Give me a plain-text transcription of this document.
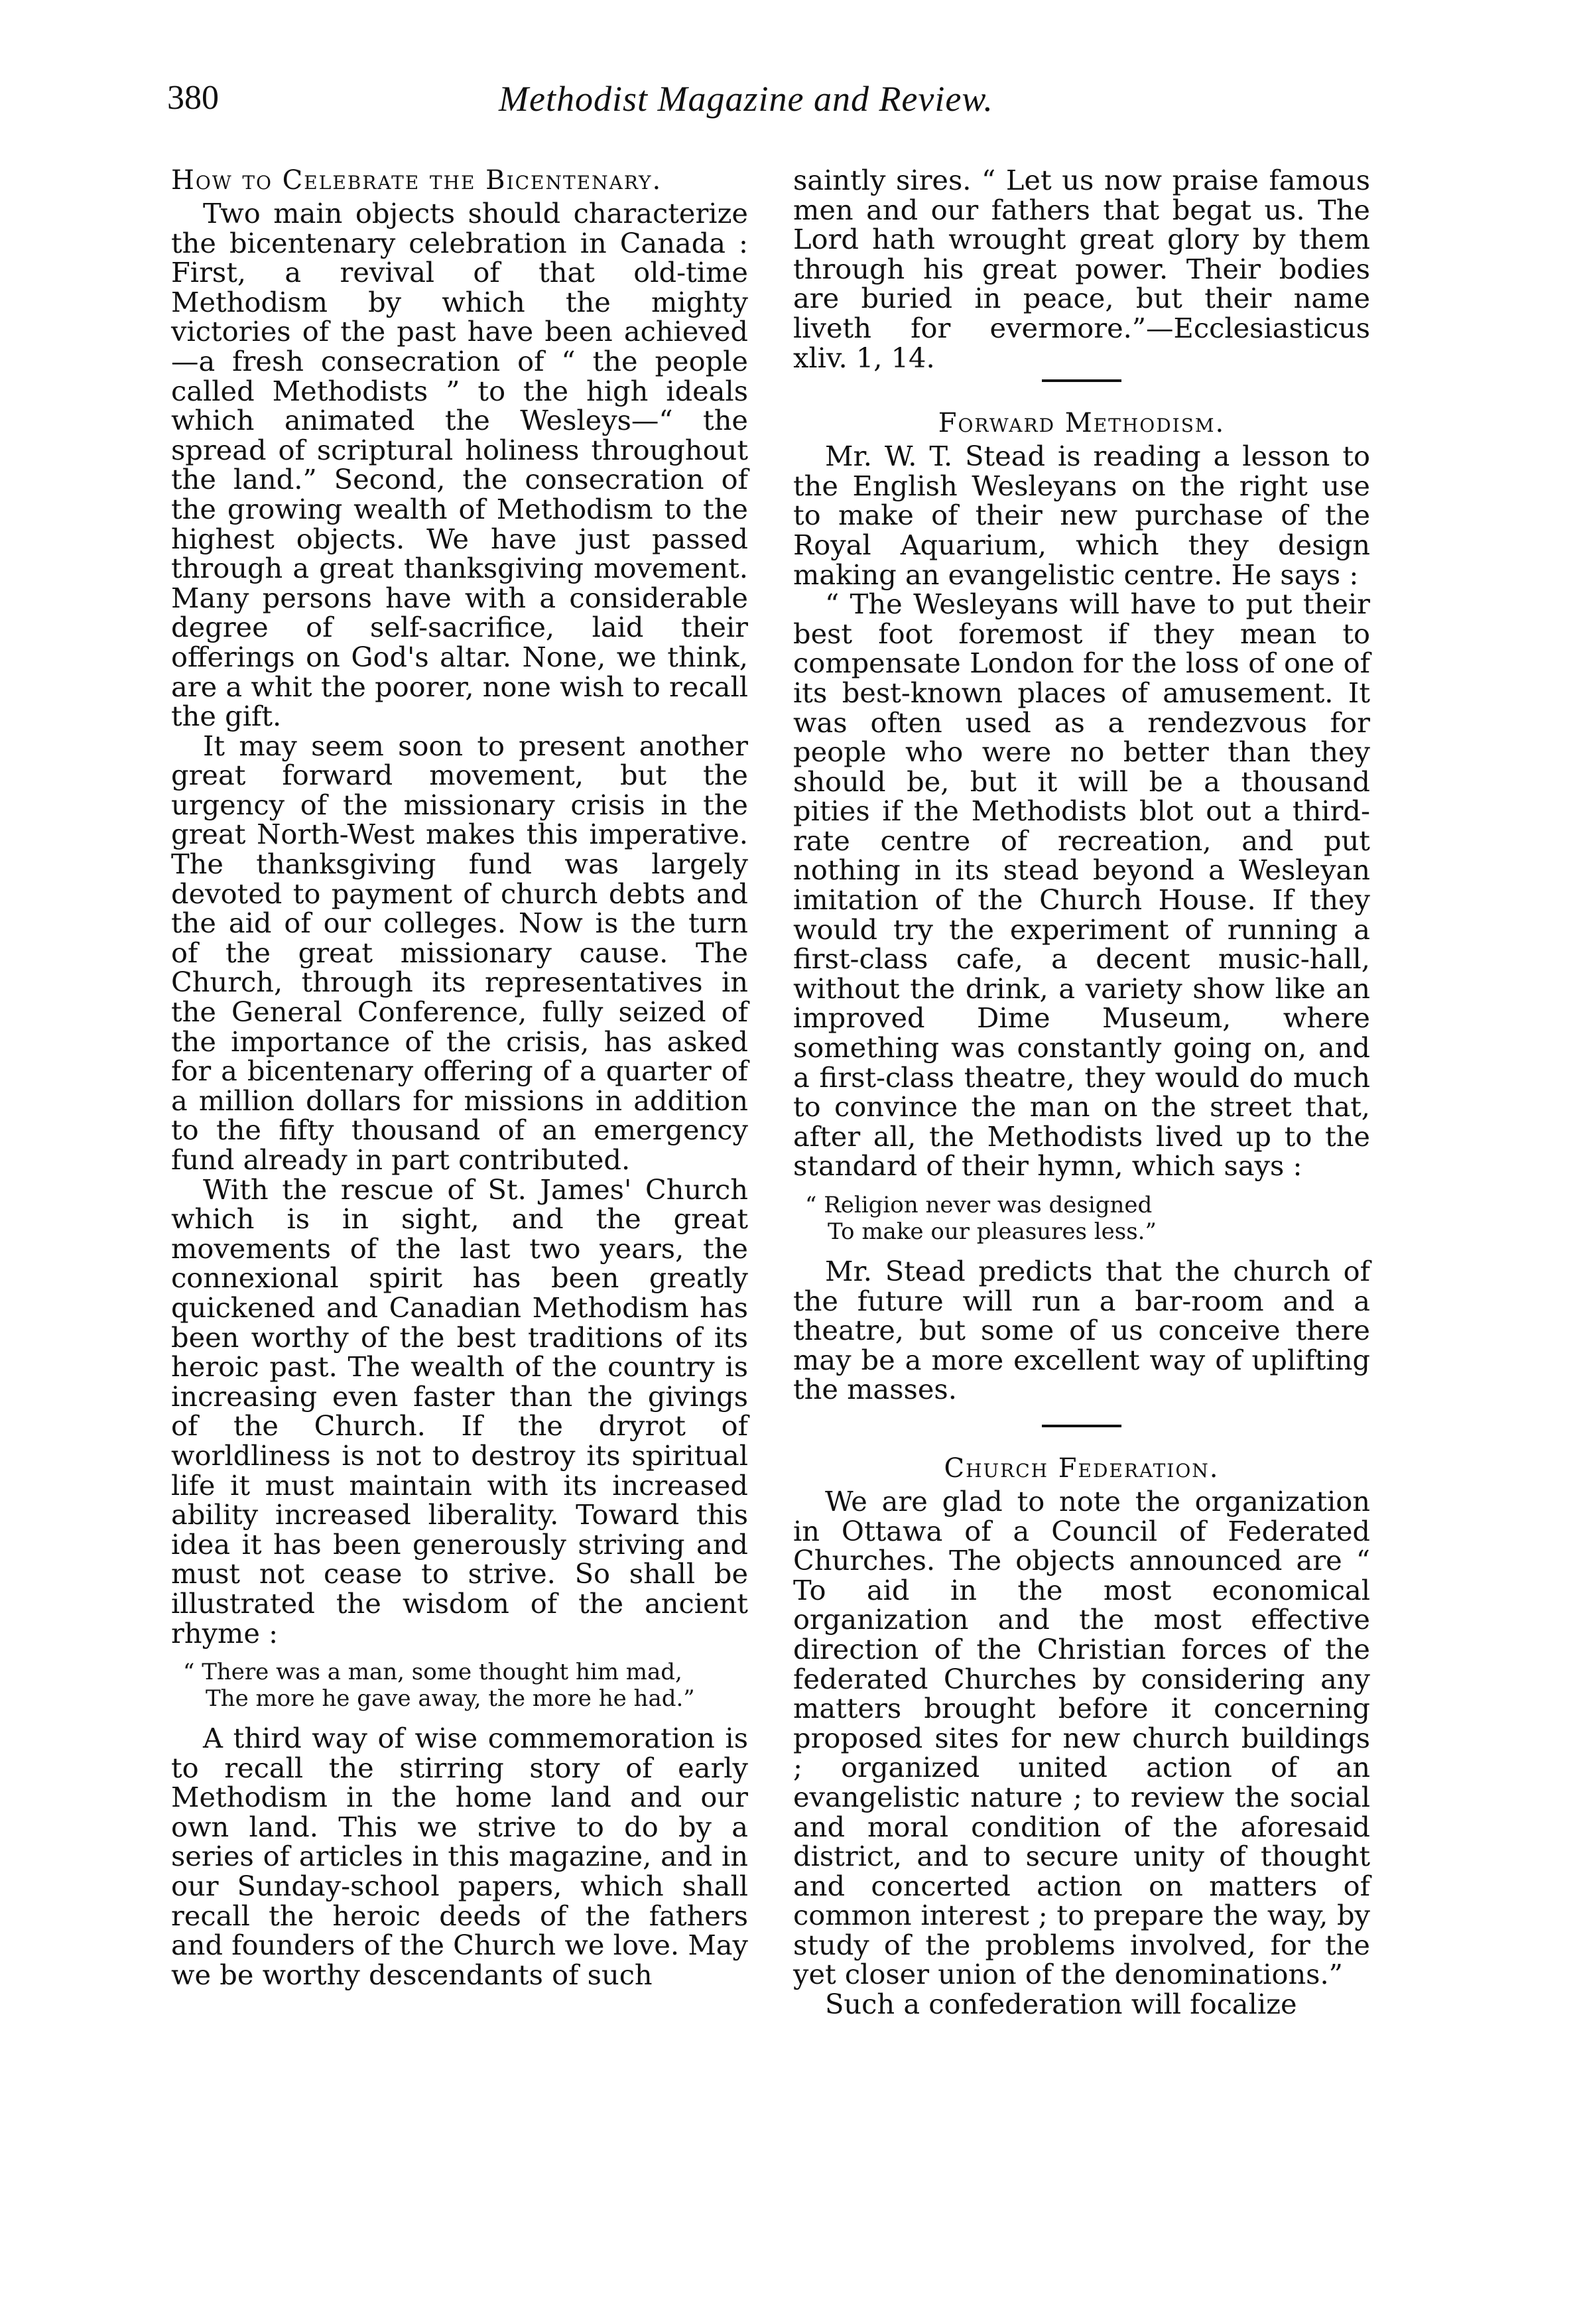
380	Methodist Magazine and Review.
How to Celebrate the Bicentenary.

Two main objects should characterize the bicentenary celebration in Canada : First, a revival of that old-time Methodism by which the mighty victories of the past have been achieved —a fresh consecration of “ the people called Methodists ” to the high ideals which animated the Wesleys—“ the spread of scriptural holiness throughout the land.” Second, the consecration of the growing wealth of Methodism to the highest objects. We have just passed through a great thanksgiving movement. Many persons have with a considerable degree of self-sacrifice, laid their offerings on God's altar. None, we think, are a whit the poorer, none wish to recall the gift.

It may seem soon to present another great forward movement, but the urgency of the missionary crisis in the great North-West makes this imperative. The thanksgiving fund was largely devoted to payment of church debts and the aid of our colleges. Now is the turn of the great missionary cause. The Church, through its representatives in the General Conference, fully seized of the importance of the crisis, has asked for a bicentenary offering of a quarter of a million dollars for missions in addition to the fifty thousand of an emergency fund already in part contributed.

With the rescue of St. James' Church which is in sight, and the great movements of the last two years, the connexional spirit has been greatly quickened and Canadian Methodism has been worthy of the best traditions of its heroic past. The wealth of the country is increasing even faster than the givings of the Church. If the dryrot of worldliness is not to destroy its spiritual life it must maintain with its increased ability increased liberality. Toward this idea it has been generously striving and must not cease to strive. So shall be illustrated the wisdom of the ancient rhyme :

“ There was a man, some thought him mad,
The more he gave away, the more he had.”

A third way of wise commemoration is to recall the stirring story of early Methodism in the home land and our own land. This we strive to do by a series of articles in this magazine, and in our Sunday-school papers, which shall recall the heroic deeds of the fathers and founders of the Church we love. May we be worthy descendants of such

saintly sires. “ Let us now praise famous men and our fathers that begat us. The Lord hath wrought great glory by them through his great power. Their bodies are buried in peace, but their name liveth for evermore.”—Ecclesiasticus xliv. 1, 14.

Forward Methodism.

Mr. W. T. Stead is reading a lesson to the English Wesleyans on the right use to make of their new purchase of the Royal Aquarium, which they design making an evangelistic centre. He says :

“ The Wesleyans will have to put their best foot foremost if they mean to compensate London for the loss of one of its best-known places of amusement. It was often used as a rendezvous for people who were no better than they should be, but it will be a thousand pities if the Methodists blot out a third-rate centre of recreation, and put nothing in its stead beyond a Wesleyan imitation of the Church House. If they would try the experiment of running a first-class cafe, a decent music-hall, without the drink, a variety show like an improved Dime Museum, where something was constantly going on, and a first-class theatre, they would do much to convince the man on the street that, after all, the Methodists lived up to the standard of their hymn, which says :

“ Religion never was designed
To make our pleasures less.”

Mr. Stead predicts that the church of the future will run a bar-room and a theatre, but some of us conceive there may be a more excellent way of uplifting the masses.

Church Federation.

We are glad to note the organization in Ottawa of a Council of Federated Churches. The objects announced are “ To aid in the most economical organization and the most effective direction of the Christian forces of the federated Churches by considering any matters brought before it concerning proposed sites for new church buildings ; organized united action of an evangelistic nature ; to review the social and moral condition of the aforesaid district, and to secure unity of thought and concerted action on matters of common interest ; to prepare the way, by study of the problems involved, for the yet closer union of the denominations.”

Such a confederation will focalize
